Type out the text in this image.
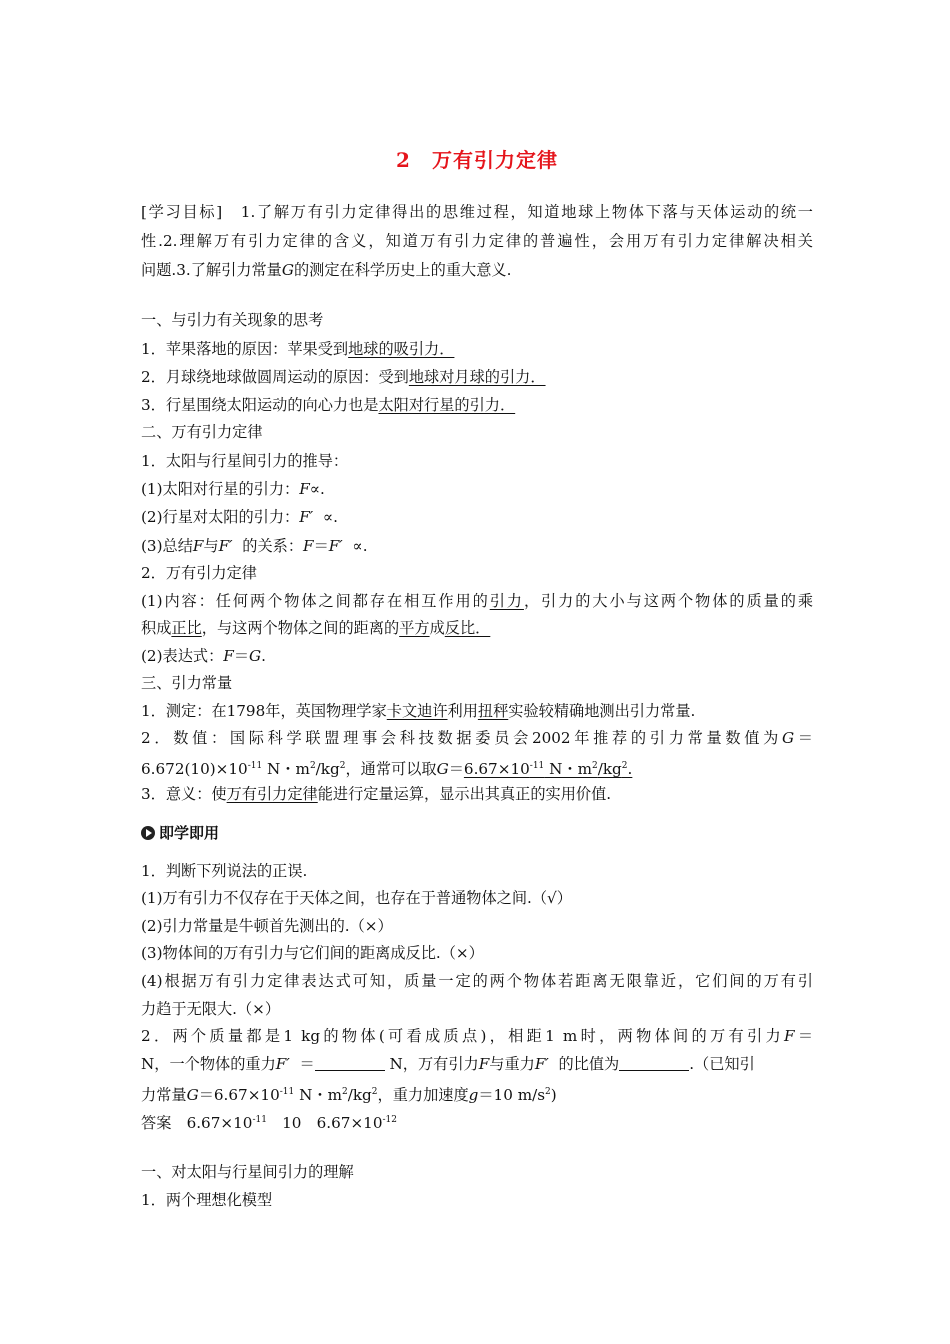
2　万有引力定律
[学习目标]　1.了解万有引力定律得出的思维过程，知道地球上物体下落与天体运动的统一
性.2.理解万有引力定律的含义，知道万有引力定律的普遍性，会用万有引力定律解决相关
问题.3.了解引力常量G的测定在科学历史上的重大意义.
一、与引力有关现象的思考
1．苹果落地的原因：苹果受到地球的吸引力．
2．月球绕地球做圆周运动的原因：受到地球对月球的引力．
3．行星围绕太阳运动的向心力也是太阳对行星的引力．
二、万有引力定律
1．太阳与行星间引力的推导：
(1)太阳对行星的引力：F∝.
(2)行星对太阳的引力：F′ ∝.
(3)总结F与F′ 的关系：F＝F′ ∝.
2．万有引力定律
(1)内容：任何两个物体之间都存在相互作用的引力，引力的大小与这两个物体的质量的乘
积成正比，与这两个物体之间的距离的平方成反比．
(2)表达式：F＝G.
三、引力常量
1．测定：在1798年，英国物理学家卡文迪许利用扭秤实验较精确地测出引力常量.
2．数值：国际科学联盟理事会科技数据委员会2002年推荐的引力常量数值为G＝
$6.672(10)\times 10^{-11}$ N・$m^2/kg^2$，通常可以取$G=6.67\times 10^{-11}$ N・$m^2/kg^2$.
3．意义：使万有引力定律能进行定量运算，显示出其真正的实用价值.
即学即用
1．判断下列说法的正误.
(1)万有引力不仅存在于天体之间，也存在于普通物体之间.（√）
(2)引力常量是牛顿首先测出的.（×）
(3)物体间的万有引力与它们间的距离成反比.（×）
(4)根据万有引力定律表达式可知，质量一定的两个物体若距离无限靠近，它们间的万有引
力趋于无限大.（×）
2．两个质量都是1 kg的物体(可看成质点)，相距1 m时，两物体间的万有引力F＝
N，一个物体的重力F′ ＝	N，万有引力F与重力F′ 的比值为	.（已知引
力常量$G=6.67\times 10^{-11}$ N・$m^2/kg^2$，重力加速度g＝10 $m/s^2$)
答案　$6.67\times 10^{-11}$　10　$6.67\times 10^{-12}$
一、对太阳与行星间引力的理解
1．两个理想化模型
